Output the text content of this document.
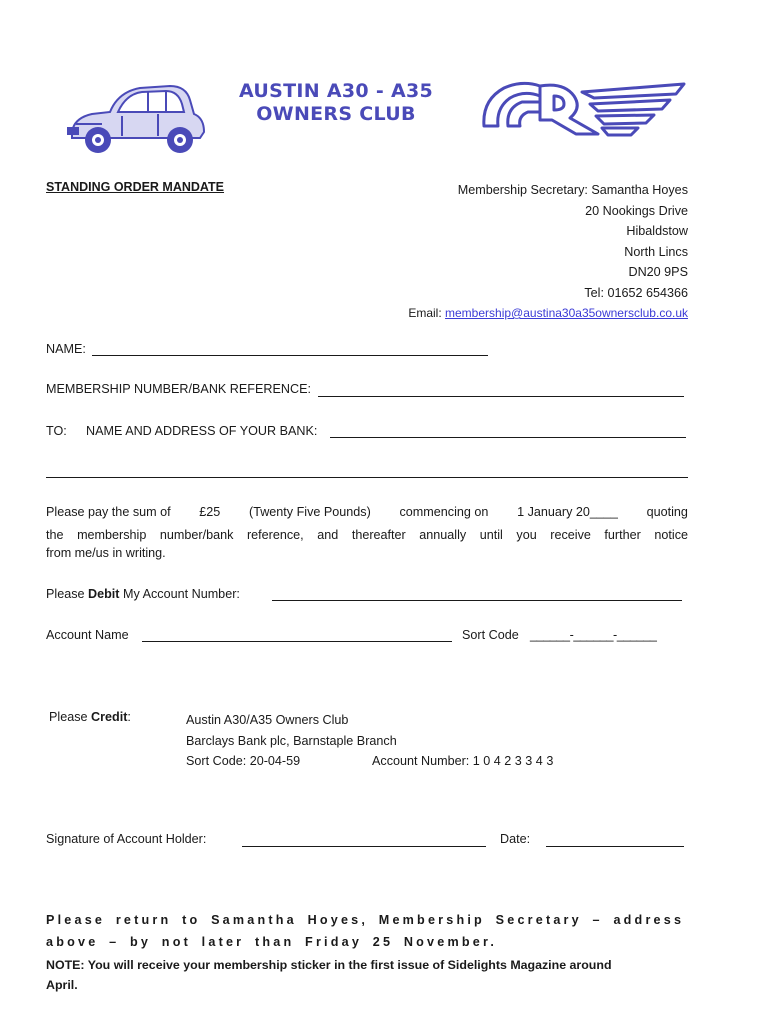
AUSTIN A30 - A35
OWNERS CLUB
STANDING ORDER MANDATE	Membership Secretary: Samantha Hoyes
20 Nookings Drive
Hibaldstow
North Lincs
DN20 9PS
Tel: 01652 654366
Email: membership@austina30a35ownersclub.co.uk
NAME:
MEMBERSHIP NUMBER/BANK REFERENCE:
TO: NAME AND ADDRESS OF YOUR BANK:
Please pay the sum of £25 (Twenty Five Pounds) commencing on 1 January 20____ quoting
the membership number/bank reference, and thereafter annually until you receive further notice
from me/us in writing.
Please Debit My Account Number:
Account Name	Sort Code ______-______-______
Please Credit:	Austin A30/A35 Owners Club
Barclays Bank plc, Barnstaple Branch
Sort Code: 20-04-59	Account Number: 1 0 4 2 3 3 4 3
Signature of Account Holder:	Date:
Please return to Samantha Hoyes, Membership Secretary – address
above – by not later than Friday 25 November.
NOTE: You will receive your membership sticker in the first issue of Sidelights Magazine around
April.
